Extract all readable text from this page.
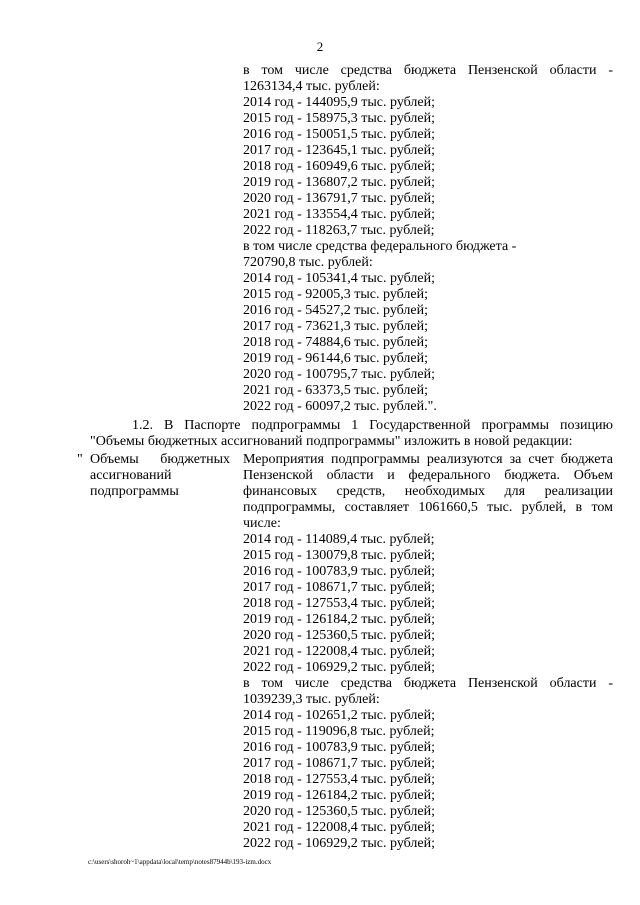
2
в том числе средства бюджета Пензенской области -
1263134,4 тыс. рублей:
2014 год - 144095,9 тыс. рублей;
2015 год - 158975,3 тыс. рублей;
2016 год - 150051,5 тыс. рублей;
2017 год - 123645,1 тыс. рублей;
2018 год - 160949,6 тыс. рублей;
2019 год - 136807,2 тыс. рублей;
2020 год - 136791,7 тыс. рублей;
2021 год - 133554,4 тыс. рублей;
2022 год - 118263,7 тыс. рублей;
в том числе средства федерального бюджета -
720790,8 тыс. рублей:
2014 год - 105341,4 тыс. рублей;
2015 год - 92005,3 тыс. рублей;
2016 год - 54527,2 тыс. рублей;
2017 год - 73621,3 тыс. рублей;
2018 год - 74884,6 тыс. рублей;
2019 год - 96144,6 тыс. рублей;
2020 год - 100795,7 тыс. рублей;
2021 год - 63373,5 тыс. рублей;
2022 год - 60097,2 тыс. рублей.".
1.2. В Паспорте подпрограммы 1 Государственной программы позицию
"Объемы бюджетных ассигнований подпрограммы" изложить в новой редакции:
" Объемы бюджетных
ассигнований
подпрограммы
Мероприятия подпрограммы реализуются за счет бюджета
Пензенской области и федерального бюджета. Объем
финансовых средств, необходимых для реализации
подпрограммы, составляет 1061660,5 тыс. рублей, в том
числе:
2014 год - 114089,4 тыс. рублей;
2015 год - 130079,8 тыс. рублей;
2016 год - 100783,9 тыс. рублей;
2017 год - 108671,7 тыс. рублей;
2018 год - 127553,4 тыс. рублей;
2019 год - 126184,2 тыс. рублей;
2020 год - 125360,5 тыс. рублей;
2021 год - 122008,4 тыс. рублей;
2022 год - 106929,2 тыс. рублей;
в том числе средства бюджета Пензенской области -
1039239,3 тыс. рублей:
2014 год - 102651,2 тыс. рублей;
2015 год - 119096,8 тыс. рублей;
2016 год - 100783,9 тыс. рублей;
2017 год - 108671,7 тыс. рублей;
2018 год - 127553,4 тыс. рублей;
2019 год - 126184,2 тыс. рублей;
2020 год - 125360,5 тыс. рублей;
2021 год - 122008,4 тыс. рублей;
2022 год - 106929,2 тыс. рублей;
c:\users\shoroh~1\appdata\local\temp\notes87944b\193-izm.docx
